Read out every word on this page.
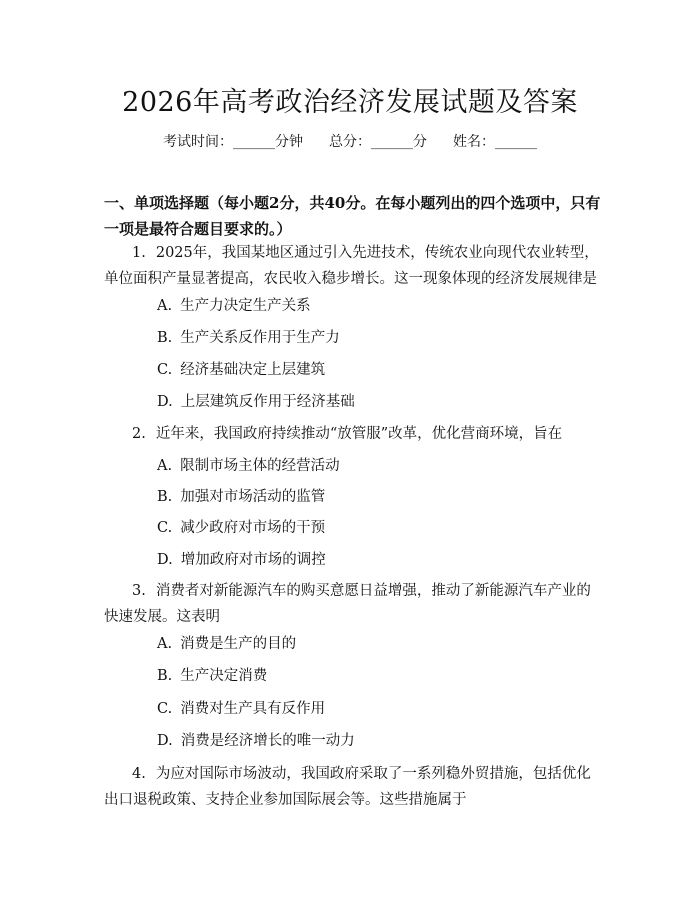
2026年高考政治经济发展试题及答案
考试时间：______分钟 总分：______分 姓名：______
一、单项选择题（每小题2分，共40分。在每小题列出的四个选项中，只有一项是最符合题目要求的。）
1. 2025年，我国某地区通过引入先进技术，传统农业向现代农业转型，单位面积产量显著提高，农民收入稳步增长。这一现象体现的经济发展规律是
A. 生产力决定生产关系
B. 生产关系反作用于生产力
C. 经济基础决定上层建筑
D. 上层建筑反作用于经济基础
2. 近年来，我国政府持续推动“放管服”改革，优化营商环境，旨在
A. 限制市场主体的经营活动
B. 加强对市场活动的监管
C. 减少政府对市场的干预
D. 增加政府对市场的调控
3. 消费者对新能源汽车的购买意愿日益增强，推动了新能源汽车产业的快速发展。这表明
A. 消费是生产的目的
B. 生产决定消费
C. 消费对生产具有反作用
D. 消费是经济增长的唯一动力
4. 为应对国际市场波动，我国政府采取了一系列稳外贸措施，包括优化出口退税政策、支持企业参加国际展会等。这些措施属于
